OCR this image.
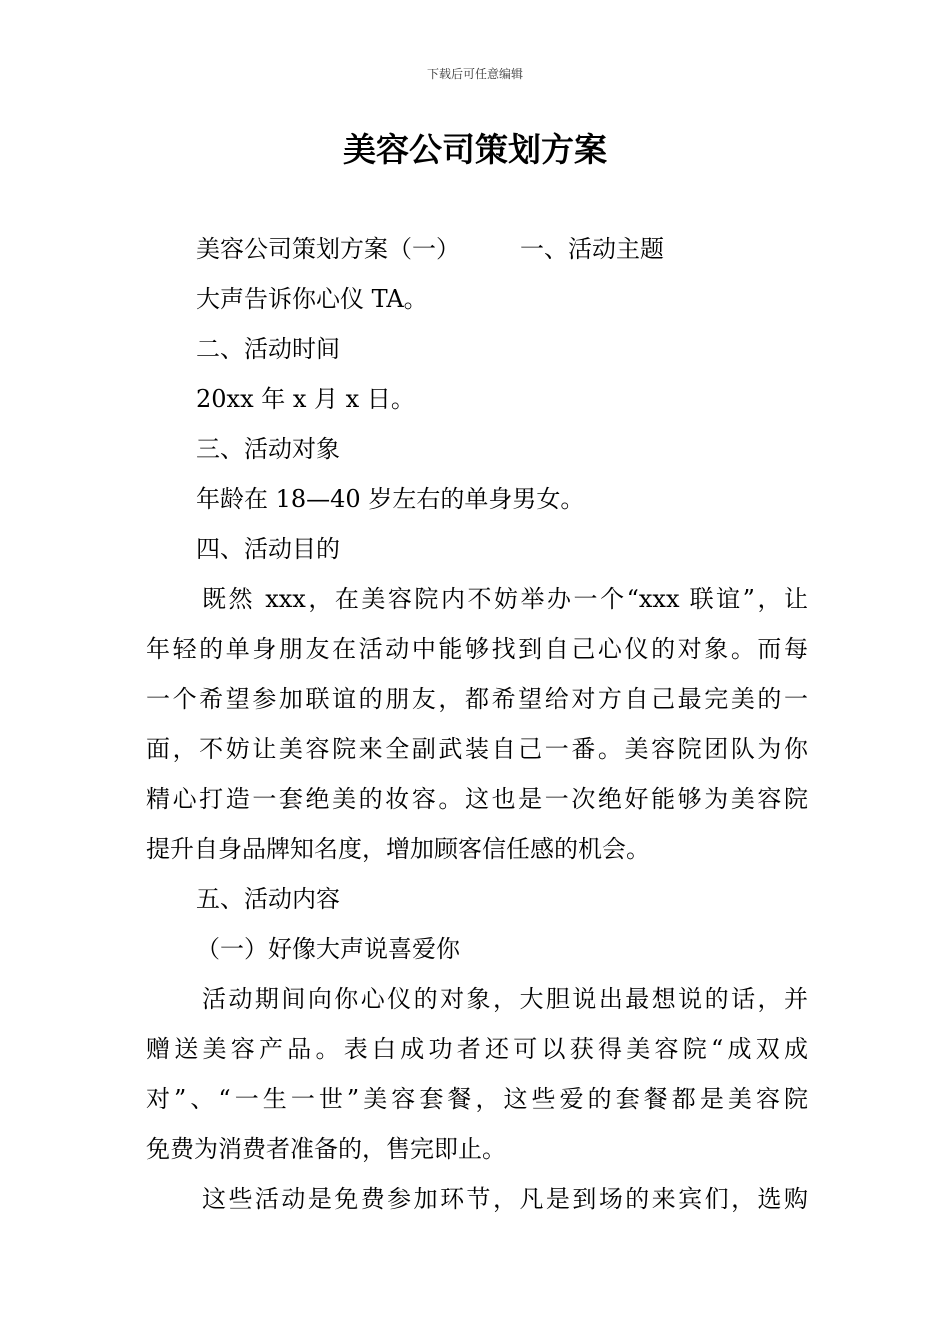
下载后可任意编辑
美容公司策划方案

美容公司策划方案（一）	一、活动主题

大声告诉你心仪 TA。

二、活动时间

20xx 年 x 月 x 日。

三、活动对象

年龄在 18—40 岁左右的单身男女。

四、活动目的

既然 xxx，在美容院内不妨举办一个“xxx 联谊”，让

年轻的单身朋友在活动中能够找到自己心仪的对象。而每

一个希望参加联谊的朋友，都希望给对方自己最完美的一

面，不妨让美容院来全副武装自己一番。美容院团队为你

精心打造一套绝美的妆容。这也是一次绝好能够为美容院

提升自身品牌知名度，增加顾客信任感的机会。

五、活动内容

（一）好像大声说喜爱你

活动期间向你心仪的对象，大胆说出最想说的话，并

赠送美容产品。表白成功者还可以获得美容院“成双成

对”、“一生一世”美容套餐，这些爱的套餐都是美容院

免费为消费者准备的，售完即止。

这些活动是免费参加环节，凡是到场的来宾们，选购
